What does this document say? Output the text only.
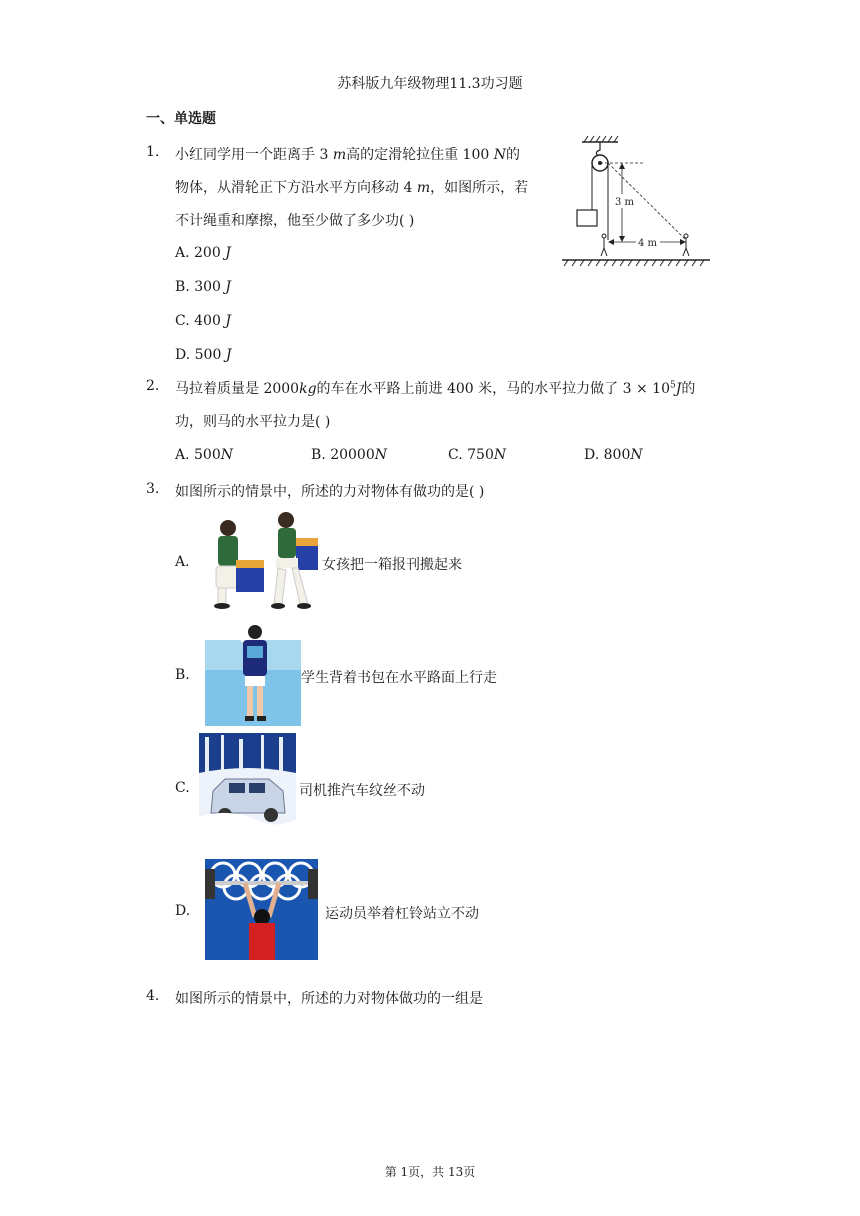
苏科版九年级物理11.3功习题
一、单选题
1. 小红同学用一个距离手 3 m高的定滑轮拉住重 100 N的
物体，从滑轮正下方沿水平方向移动 4 m，如图所示，若
不计绳重和摩擦，他至少做了多少功( )
A. 200 J
B. 300 J
C. 400 J
D. 500 J
3 m
4 m
2. 马拉着质量是 2000kg的车在水平路上前进 400 米，马的水平拉力做了 $3 \times 10^5J$的
功，则马的水平拉力是( )
A. 500N	B. 20000N	C. 750N	D. 800N
3. 如图所示的情景中，所述的力对物体有做功的是( )
A.	女孩把一箱报刊搬起来
B.	学生背着书包在水平路面上行走
C.	司机推汽车纹丝不动
D.	运动员举着杠铃站立不动
4. 如图所示的情景中，所述的力对物体做功的一组是
第 1页，共 13页
